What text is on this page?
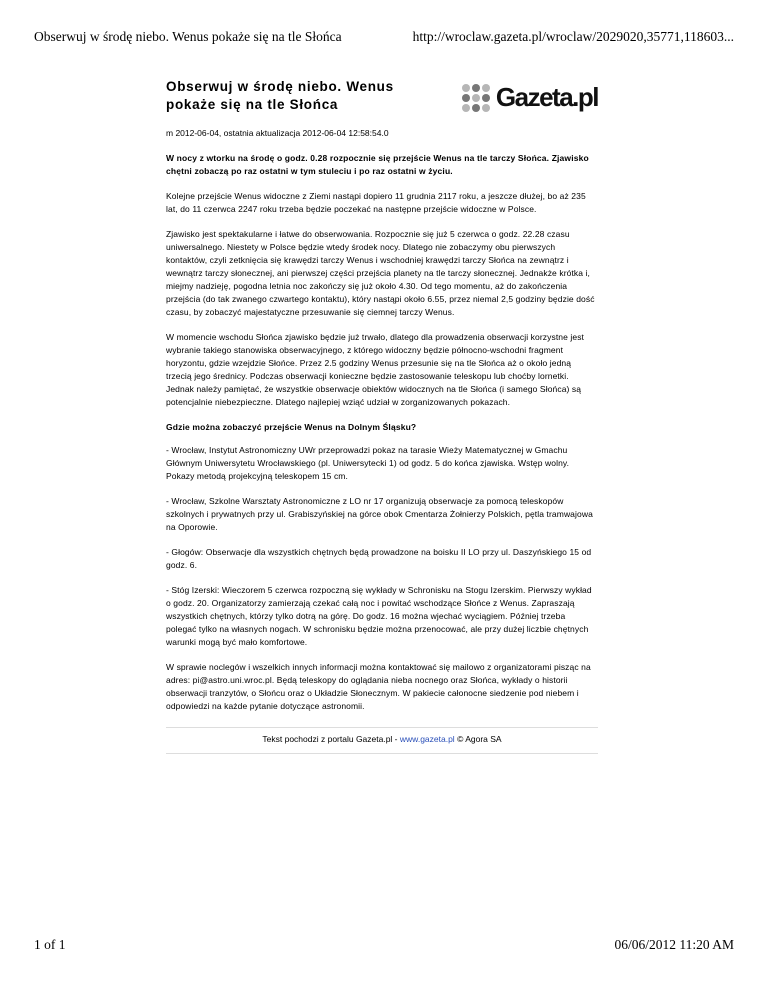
Obserwuj w środę niebo. Wenus pokaże się na tle Słońca	http://wroclaw.gazeta.pl/wroclaw/2029020,35771,118603...
Obserwuj w środę niebo. Wenus pokaże się na tle Słońca	Gazeta.pl
m 2012-06-04, ostatnia aktualizacja 2012-06-04 12:58:54.0
W nocy z wtorku na środę o godz. 0.28 rozpocznie się przejście Wenus na tle tarczy Słońca. Zjawisko chętni zobaczą po raz ostatni w tym stuleciu i po raz ostatni w życiu.
Kolejne przejście Wenus widoczne z Ziemi nastąpi dopiero 11 grudnia 2117 roku, a jeszcze dłużej, bo aż 235 lat, do 11 czerwca 2247 roku trzeba będzie poczekać na następne przejście widoczne w Polsce.
Zjawisko jest spektakularne i łatwe do obserwowania. Rozpocznie się już 5 czerwca o godz. 22.28 czasu uniwersalnego. Niestety w Polsce będzie wtedy środek nocy. Dlatego nie zobaczymy obu pierwszych kontaktów, czyli zetknięcia się krawędzi tarczy Wenus i wschodniej krawędzi tarczy Słońca na zewnątrz i wewnątrz tarczy słonecznej, ani pierwszej części przejścia planety na tle tarczy słonecznej. Jednakże krótka i, miejmy nadzieję, pogodna letnia noc zakończy się już około 4.30. Od tego momentu, aż do zakończenia przejścia (do tak zwanego czwartego kontaktu), który nastąpi około 6.55, przez niemal 2,5 godziny będzie dość czasu, by zobaczyć majestatyczne przesuwanie się ciemnej tarczy Wenus.
W momencie wschodu Słońca zjawisko będzie już trwało, dlatego dla prowadzenia obserwacji korzystne jest wybranie takiego stanowiska obserwacyjnego, z którego widoczny będzie północno-wschodni fragment horyzontu, gdzie wzejdzie Słońce. Przez 2.5 godziny Wenus przesunie się na tle Słońca aż o około jedną trzecią jego średnicy. Podczas obserwacji konieczne będzie zastosowanie teleskopu lub choćby lornetki. Jednak należy pamiętać, że wszystkie obserwacje obiektów widocznych na tle Słońca (i samego Słońca) są potencjalnie niebezpieczne. Dlatego najlepiej wziąć udział w zorganizowanych pokazach.
Gdzie można zobaczyć przejście Wenus na Dolnym Śląsku?
- Wrocław, Instytut Astronomiczny UWr przeprowadzi pokaz na tarasie Wieży Matematycznej w Gmachu Głównym Uniwersytetu Wrocławskiego (pl. Uniwersytecki 1) od godz. 5 do końca zjawiska. Wstęp wolny. Pokazy metodą projekcyjną teleskopem 15 cm.
- Wrocław, Szkolne Warsztaty Astronomiczne z LO nr 17 organizują obserwacje za pomocą teleskopów szkolnych i prywatnych przy ul. Grabiszyńskiej na górce obok Cmentarza Żołnierzy Polskich, pętla tramwajowa na Oporowie.
- Głogów: Obserwacje dla wszystkich chętnych będą prowadzone na boisku II LO przy ul. Daszyńskiego 15 od godz. 6.
- Stóg Izerski: Wieczorem 5 czerwca rozpoczną się wykłady w Schronisku na Stogu Izerskim. Pierwszy wykład o godz. 20. Organizatorzy zamierzają czekać całą noc i powitać wschodzące Słońce z Wenus. Zapraszają wszystkich chętnych, którzy tylko dotrą na górę. Do godz. 16 można wjechać wyciągiem. Później trzeba polegać tylko na własnych nogach. W schronisku będzie można przenocować, ale przy dużej liczbie chętnych warunki mogą być mało komfortowe.
W sprawie noclegów i wszelkich innych informacji można kontaktować się mailowo z organizatorami pisząc na adres: pi@astro.uni.wroc.pl. Będą teleskopy do oglądania nieba nocnego oraz Słońca, wykłady o historii obserwacji tranzytów, o Słońcu oraz o Układzie Słonecznym. W pakiecie całonocne siedzenie pod niebem i odpowiedzi na każde pytanie dotyczące astronomii.
Tekst pochodzi z portalu Gazeta.pl - www.gazeta.pl © Agora SA
1 of 1	06/06/2012 11:20 AM
